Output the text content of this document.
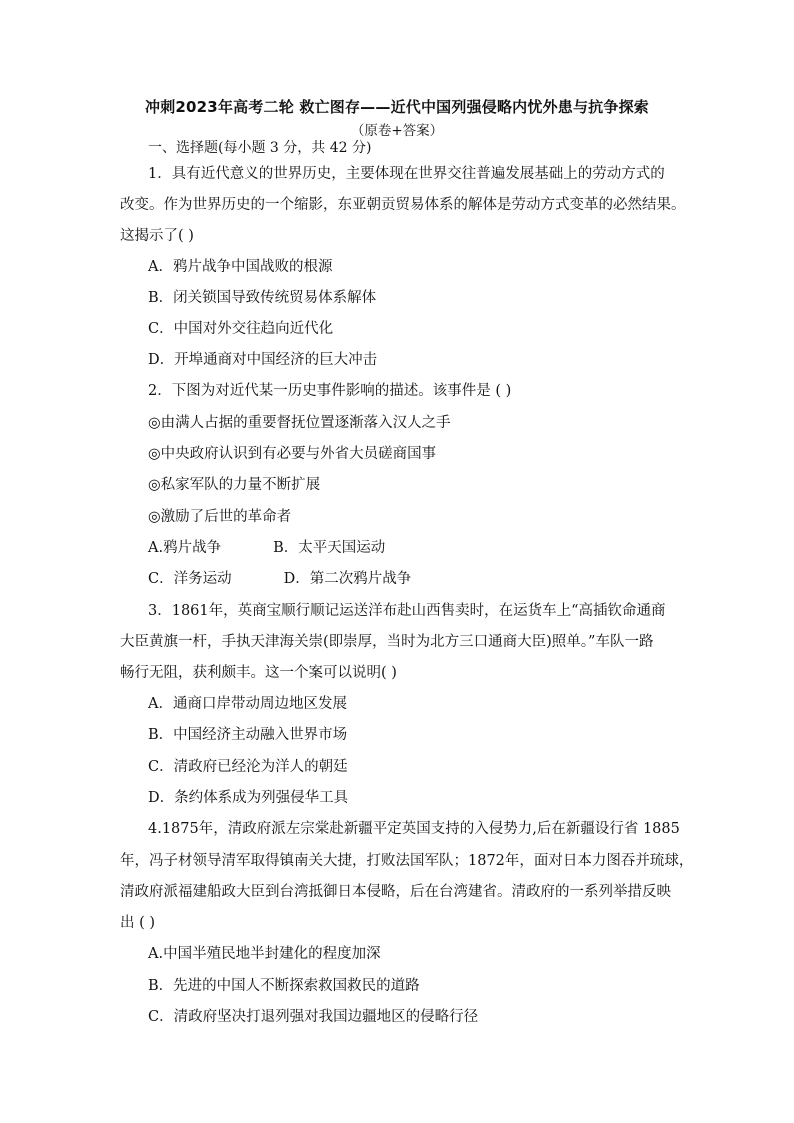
冲刺2023年高考二轮 救亡图存——近代中国列强侵略内忧外患与抗争探索
（原卷+答案）
一、选择题(每小题 3 分，共 42 分)
1．具有近代意义的世界历史，主要体现在世界交往普遍发展基础上的劳动方式的
改变。作为世界历史的一个缩影，东亚朝贡贸易体系的解体是劳动方式变革的必然结果。
这揭示了( )
A．鸦片战争中国战败的根源
B．闭关锁国导致传统贸易体系解体
C．中国对外交往趋向近代化
D．开埠通商对中国经济的巨大冲击
2．下图为对近代某一历史事件影响的描述。该事件是 ( )
◎由满人占据的重要督抚位置逐渐落入汉人之手
◎中央政府认识到有必要与外省大员磋商国事
◎私家军队的力量不断扩展
◎激励了后世的革命者
A.鸦片战争	B．太平天国运动
C．洋务运动	D．第二次鸦片战争
3．1861年，英商宝顺行顺记运送洋布赴山西售卖时，在运货车上“高插钦命通商
大臣黄旗一杆，手执天津海关崇(即崇厚，当时为北方三口通商大臣)照单。”车队一路
畅行无阻，获利颇丰。这一个案可以说明( )
A．通商口岸带动周边地区发展
B．中国经济主动融入世界市场
C．清政府已经沦为洋人的朝廷
D．条约体系成为列强侵华工具
4.1875年，清政府派左宗棠赴新疆平定英国支持的入侵势力,后在新疆设行省 1885
年，冯子材领导清军取得镇南关大捷，打败法国军队；1872年，面对日本力图吞并琉球，
清政府派福建船政大臣到台湾抵御日本侵略，后在台湾建省。清政府的一系列举措反映
出 ( )
A.中国半殖民地半封建化的程度加深
B．先进的中国人不断探索救国救民的道路
C．清政府坚决打退列强对我国边疆地区的侵略行径
